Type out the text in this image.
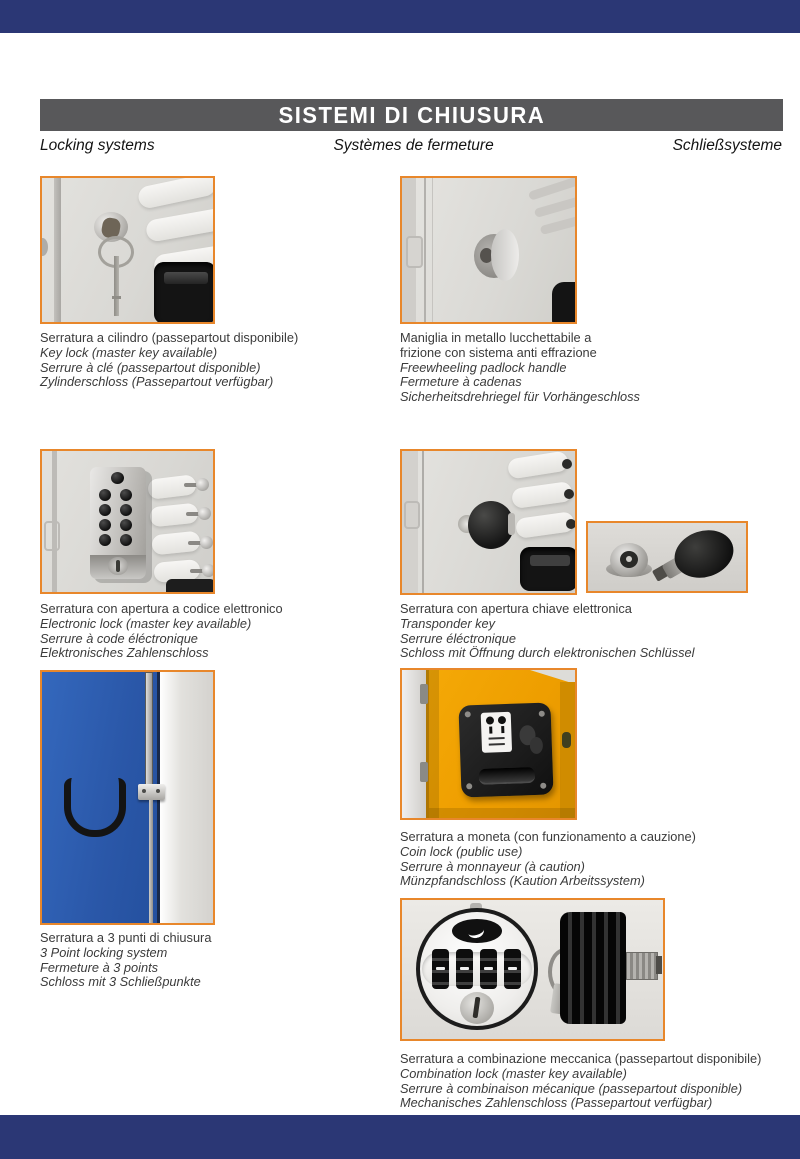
SISTEMI DI CHIUSURA
Locking systems	Systèmes de fermeture	Schließsysteme
Serratura a cilindro (passepartout disponibile)
Key lock (master key available)
Serrure à clé (passepartout disponible)
Zylinderschloss (Passepartout verfügbar)
Maniglia in metallo lucchettabile a
frizione con sistema anti effrazione
Freewheeling padlock handle
Fermeture à cadenas
Sicherheitsdrehriegel für Vorhängeschloss
Serratura con apertura a codice elettronico
Electronic lock (master key available)
Serrure à code éléctronique
Elektronisches Zahlenschloss
Serratura con apertura chiave elettronica
Transponder key
Serrure éléctronique
Schloss mit Öffnung durch elektronischen Schlüssel
Serratura a moneta (con funzionamento a cauzione)
Coin lock (public use)
Serrure à monnayeur (à caution)
Münzpfandschloss (Kaution Arbeitssystem)
Serratura a 3 punti di chiusura
3 Point locking system
Fermeture à 3 points
Schloss mit 3 Schließpunkte
Serratura a combinazione meccanica (passepartout disponibile)
Combination lock (master key available)
Serrure à combinaison mécanique (passepartout disponible)
Mechanisches Zahlenschloss (Passepartout verfügbar)
